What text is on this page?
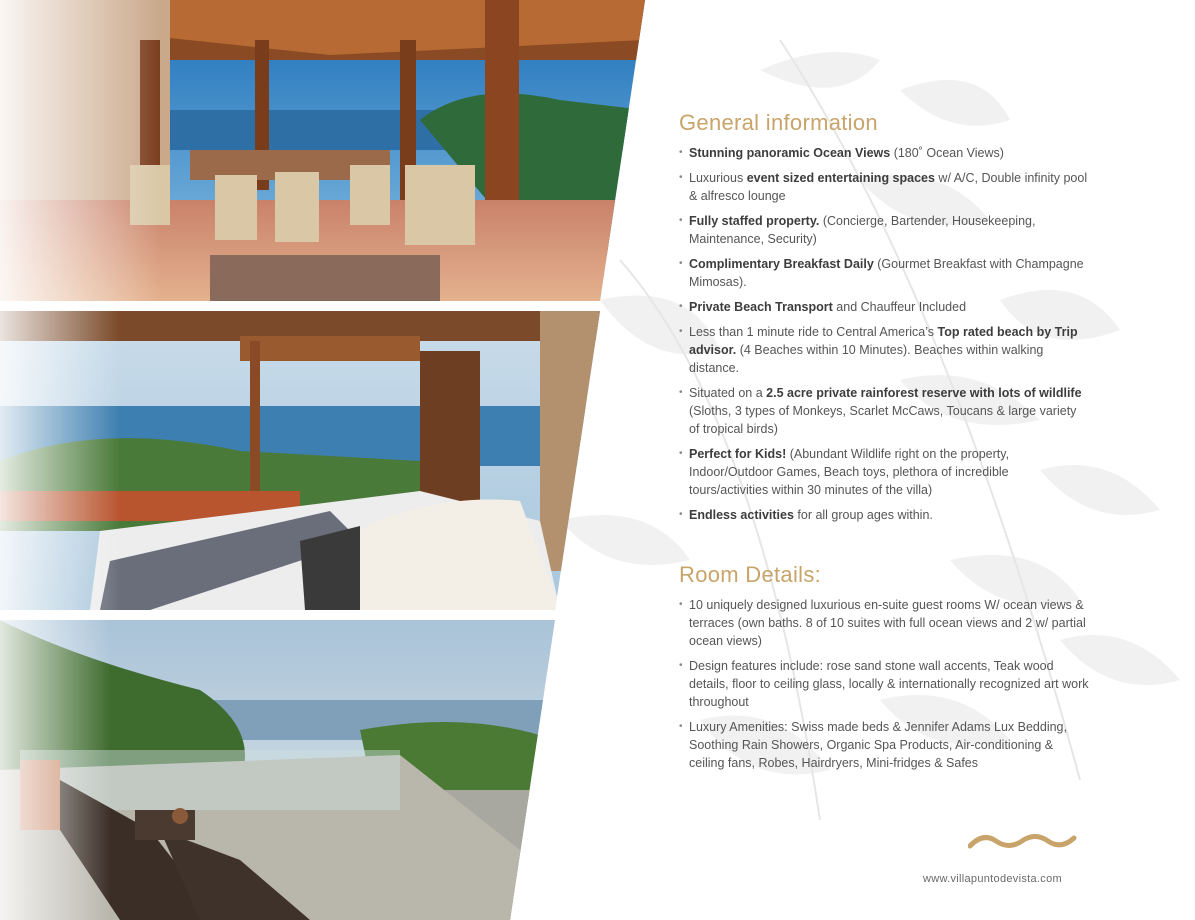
General information
• Stunning panoramic Ocean Views (180˚ Ocean Views)
• Luxurious event sized entertaining spaces w/ A/C, Double infinity pool & alfresco lounge
• Fully staffed property. (Concierge, Bartender, Housekeeping, Maintenance, Security)
• Complimentary Breakfast Daily (Gourmet Breakfast with Champagne Mimosas).
• Private Beach Transport and Chauffeur Included
• Less than 1 minute ride to Central America’s Top rated beach by Trip advisor. (4 Beaches within 10 Minutes). Beaches within walking distance.
• Situated on a 2.5 acre private rainforest reserve with lots of wildlife (Sloths, 3 types of Monkeys, Scarlet McCaws, Toucans & large variety of tropical birds)
• Perfect for Kids! (Abundant Wildlife right on the property, Indoor/Outdoor Games, Beach toys, plethora of incredible tours/activities within 30 minutes of the villa)
• Endless activities for all group ages within.
Room Details:
• 10 uniquely designed luxurious en-suite guest rooms W/ ocean views & terraces (own baths. 8 of 10 suites with full ocean views and 2 w/ partial ocean views)
• Design features include: rose sand stone wall accents, Teak wood details, floor to ceiling glass, locally & internationally recognized art work throughout
• Luxury Amenities: Swiss made beds & Jennifer Adams Lux Bedding, Soothing Rain Showers, Organic Spa Products, Air-conditioning & ceiling fans, Robes, Hairdryers, Mini-fridges & Safes
www.villapuntodevista.com
